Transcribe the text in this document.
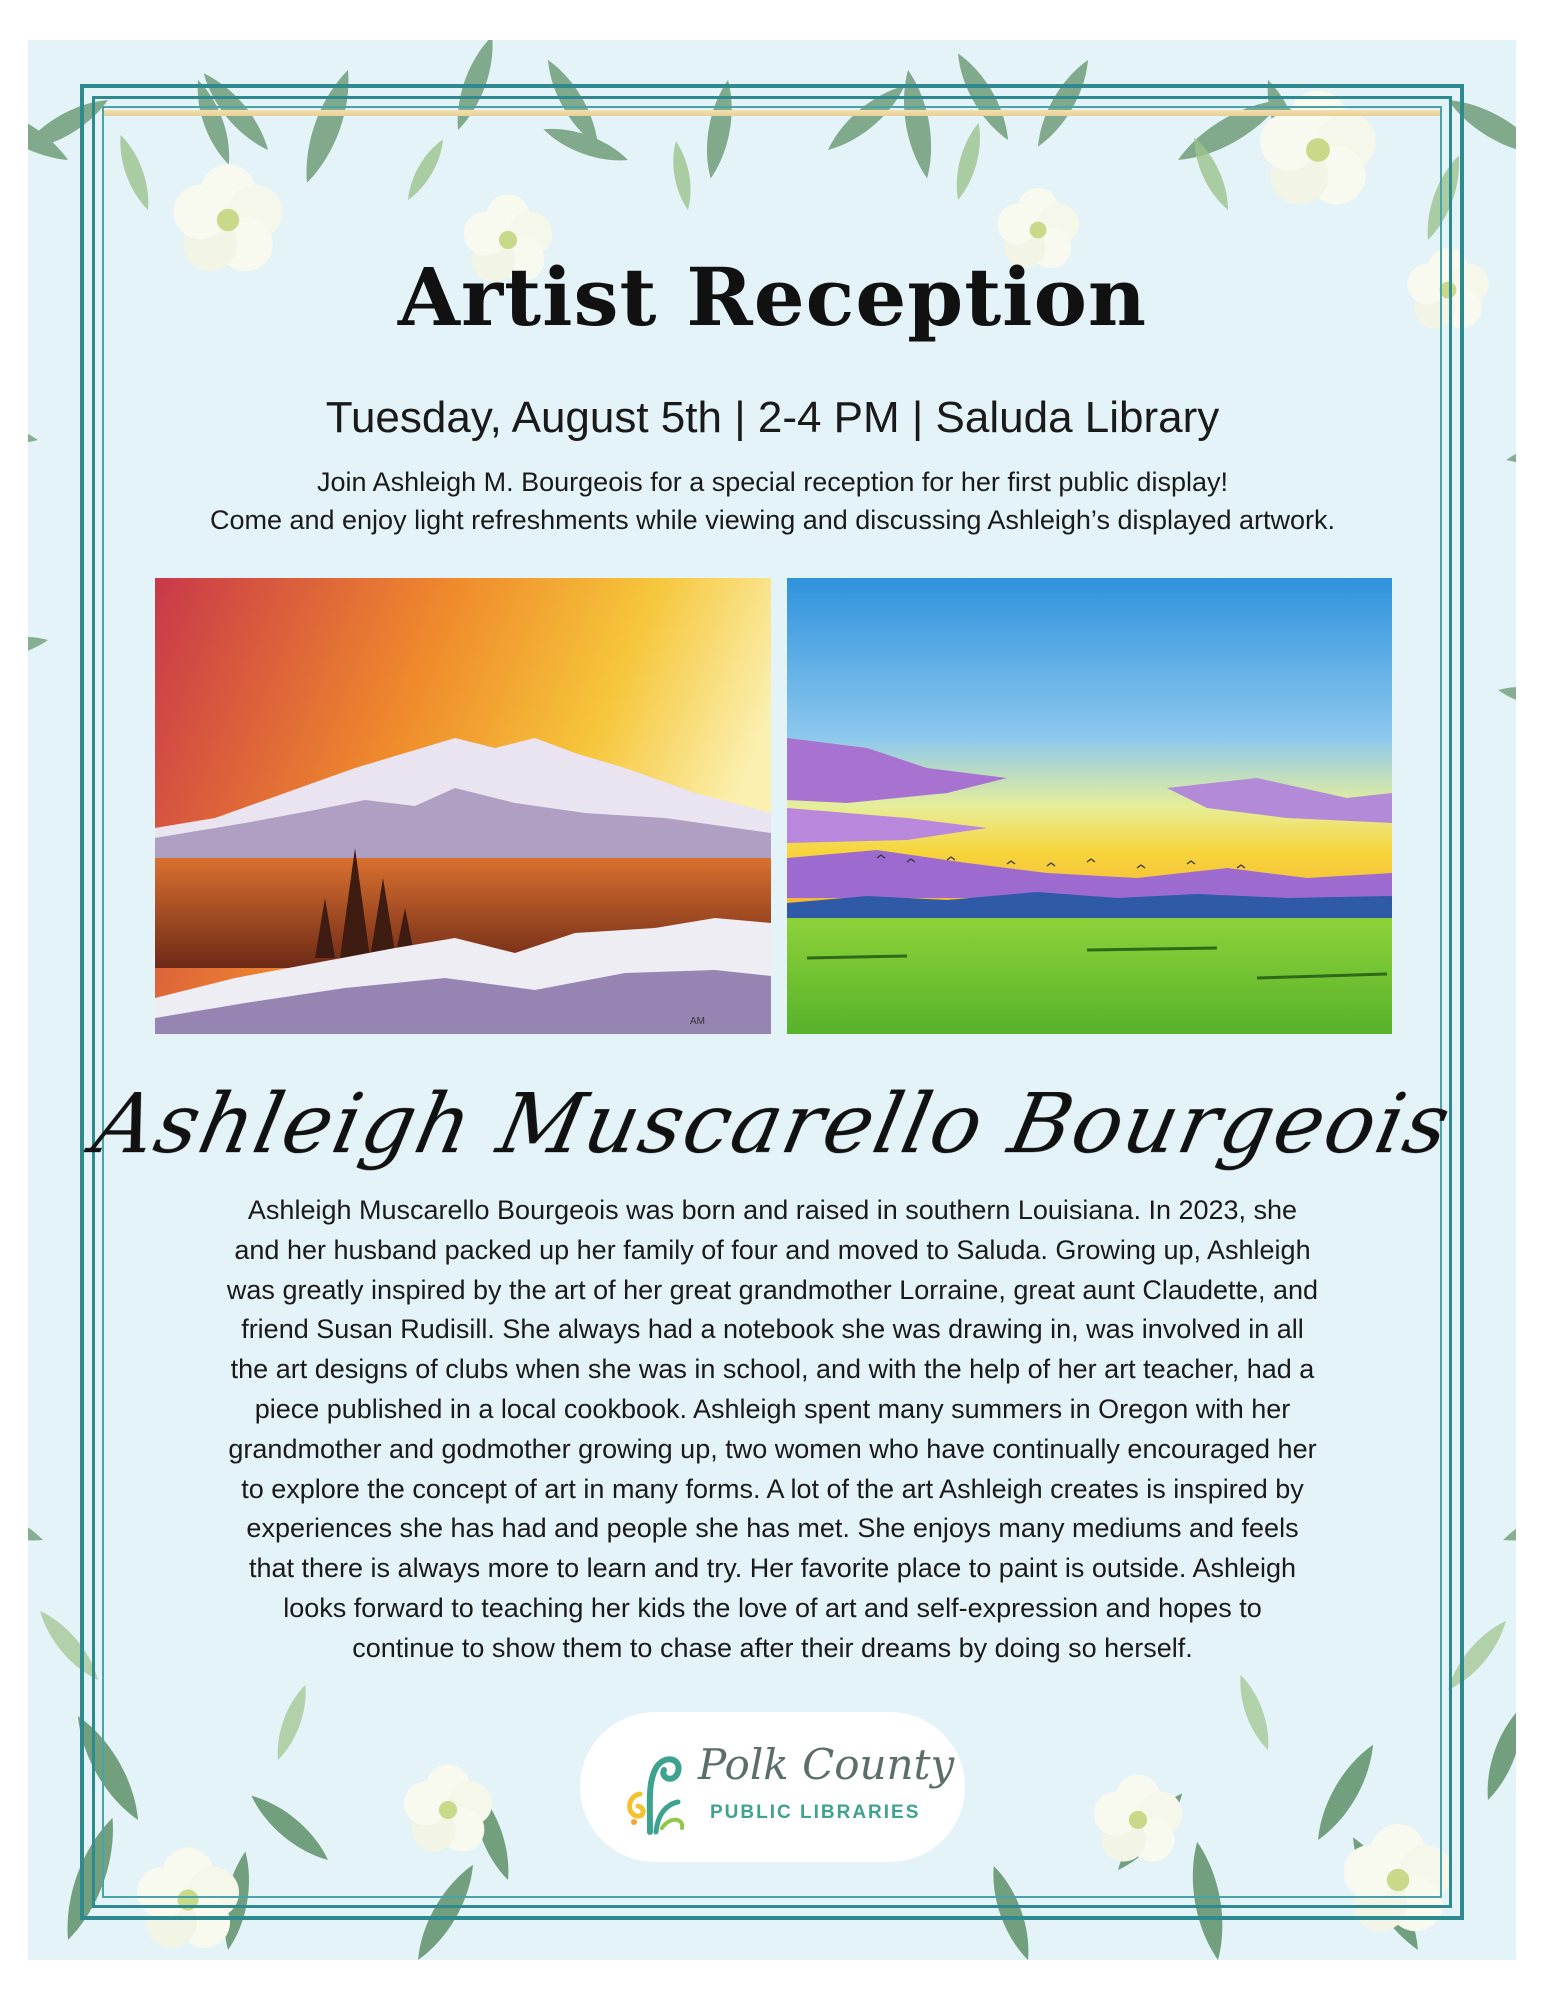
Artist Reception
Tuesday, August 5th | 2-4 PM | Saluda Library
Join Ashleigh M. Bourgeois for a special reception for her first public display!
Come and enjoy light refreshments while viewing and discussing Ashleigh’s displayed artwork.
AM
Ashleigh Muscarello Bourgeois
Ashleigh Muscarello Bourgeois was born and raised in southern Louisiana. In 2023, she
and her husband packed up her family of four and moved to Saluda. Growing up, Ashleigh
was greatly inspired by the art of her great grandmother Lorraine, great aunt Claudette, and
friend Susan Rudisill. She always had a notebook she was drawing in, was involved in all
the art designs of clubs when she was in school, and with the help of her art teacher, had a
piece published in a local cookbook. Ashleigh spent many summers in Oregon with her
grandmother and godmother growing up, two women who have continually encouraged her
to explore the concept of art in many forms. A lot of the art Ashleigh creates is inspired by
experiences she has had and people she has met. She enjoys many mediums and feels
that there is always more to learn and try. Her favorite place to paint is outside. Ashleigh
looks forward to teaching her kids the love of art and self-expression and hopes to
continue to show them to chase after their dreams by doing so herself.
Polk County
PUBLIC LIBRARIES
